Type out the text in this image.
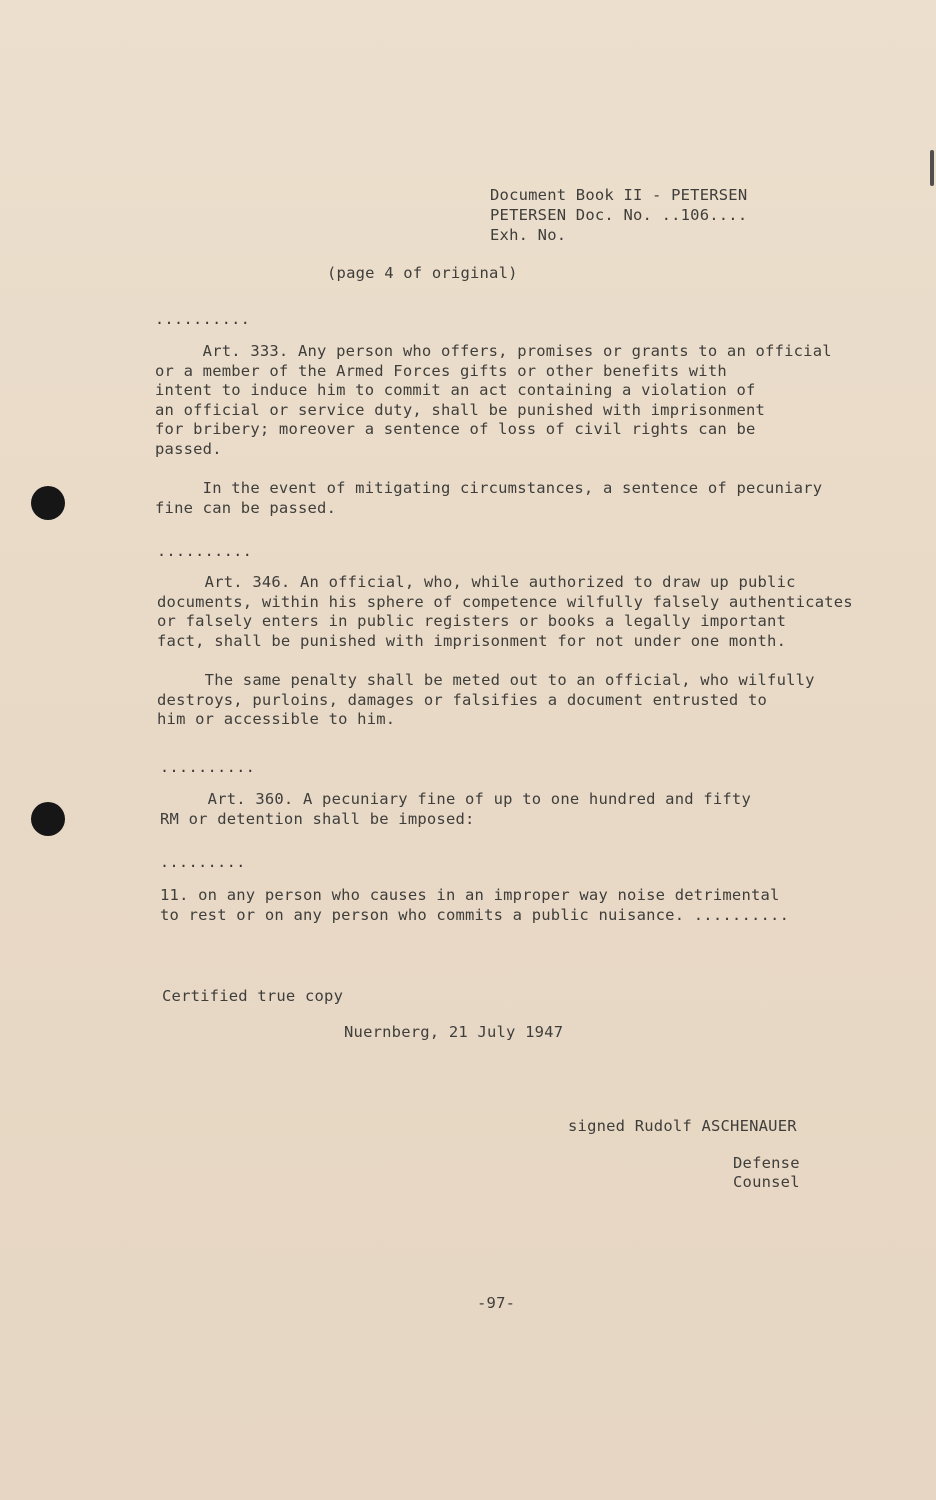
Document Book II - PETERSEN
PETERSEN Doc. No. ..106....
Exh. No.
(page 4 of original)
..........
Art. 333. Any person who offers, promises or grants to an official
or a member of the Armed Forces gifts or other benefits with
intent to induce him to commit an act containing a violation of
an official or service duty, shall be punished with imprisonment
for bribery; moreover a sentence of loss of civil rights can be
passed.
In the event of mitigating circumstances, a sentence of pecuniary
fine can be passed.
..........
Art. 346. An official, who, while authorized to draw up public
documents, within his sphere of competence wilfully falsely authenticates
or falsely enters in public registers or books a legally important
fact, shall be punished with imprisonment for not under one month.
The same penalty shall be meted out to an official, who wilfully
destroys, purloins, damages or falsifies a document entrusted to
him or accessible to him.
..........
Art. 360. A pecuniary fine of up to one hundred and fifty
RM or detention shall be imposed:
.........
11. on any person who causes in an improper way noise detrimental
to rest or on any person who commits a public nuisance. ..........
Certified true copy
Nuernberg, 21 July 1947
signed Rudolf ASCHENAUER
Defense
Counsel
-97-
